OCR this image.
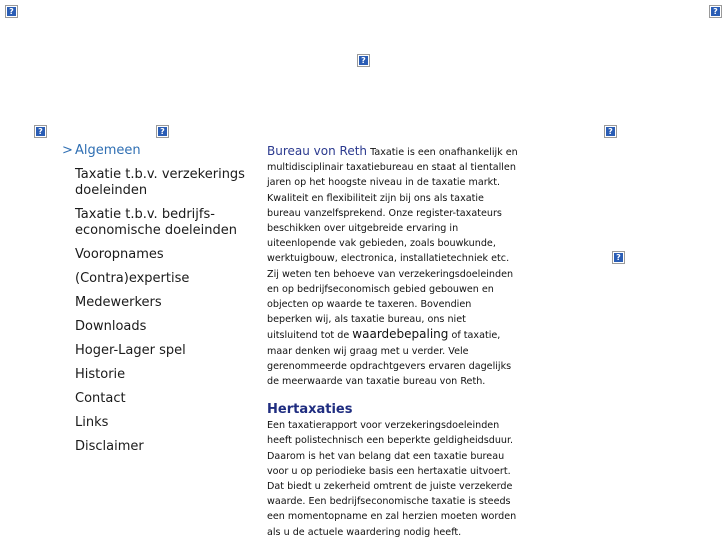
?
?
?
?
?
?
?
> Algemeen
Taxatie t.b.v. verzekerings doeleinden
Taxatie t.b.v. bedrijfs-economische doeleinden
Vooropnames
(Contra)expertise
Medewerkers
Downloads
Hoger-Lager spel
Historie
Contact
Links
Disclaimer

Bureau von Reth Taxatie is een onafhankelijk en multidisciplinair taxatiebureau en staat al tientallen jaren op het hoogste niveau in de taxatie markt. Kwaliteit en flexibiliteit zijn bij ons als taxatie bureau vanzelfsprekend. Onze register-taxateurs beschikken over uitgebreide ervaring in uiteenlopende vak gebieden, zoals bouwkunde, werktuigbouw, electronica, installatietechniek etc. Zij weten ten behoeve van verzekeringsdoeleinden en op bedrijfseconomisch gebied gebouwen en objecten op waarde te taxeren. Bovendien beperken wij, als taxatie bureau, ons niet uitsluitend tot de waardebepaling of taxatie, maar denken wij graag met u verder. Vele gerenommeerde opdrachtgevers ervaren dagelijks de meerwaarde van taxatie bureau von Reth.

Hertaxaties

Een taxatierapport voor verzekeringsdoeleinden heeft polistechnisch een beperkte geldigheidsduur. Daarom is het van belang dat een taxatie bureau voor u op periodieke basis een hertaxatie uitvoert. Dat biedt u zekerheid omtrent de juiste verzekerde waarde. Een bedrijfseconomische taxatie is steeds een momentopname en zal herzien moeten worden als u de actuele waardering nodig heeft.
